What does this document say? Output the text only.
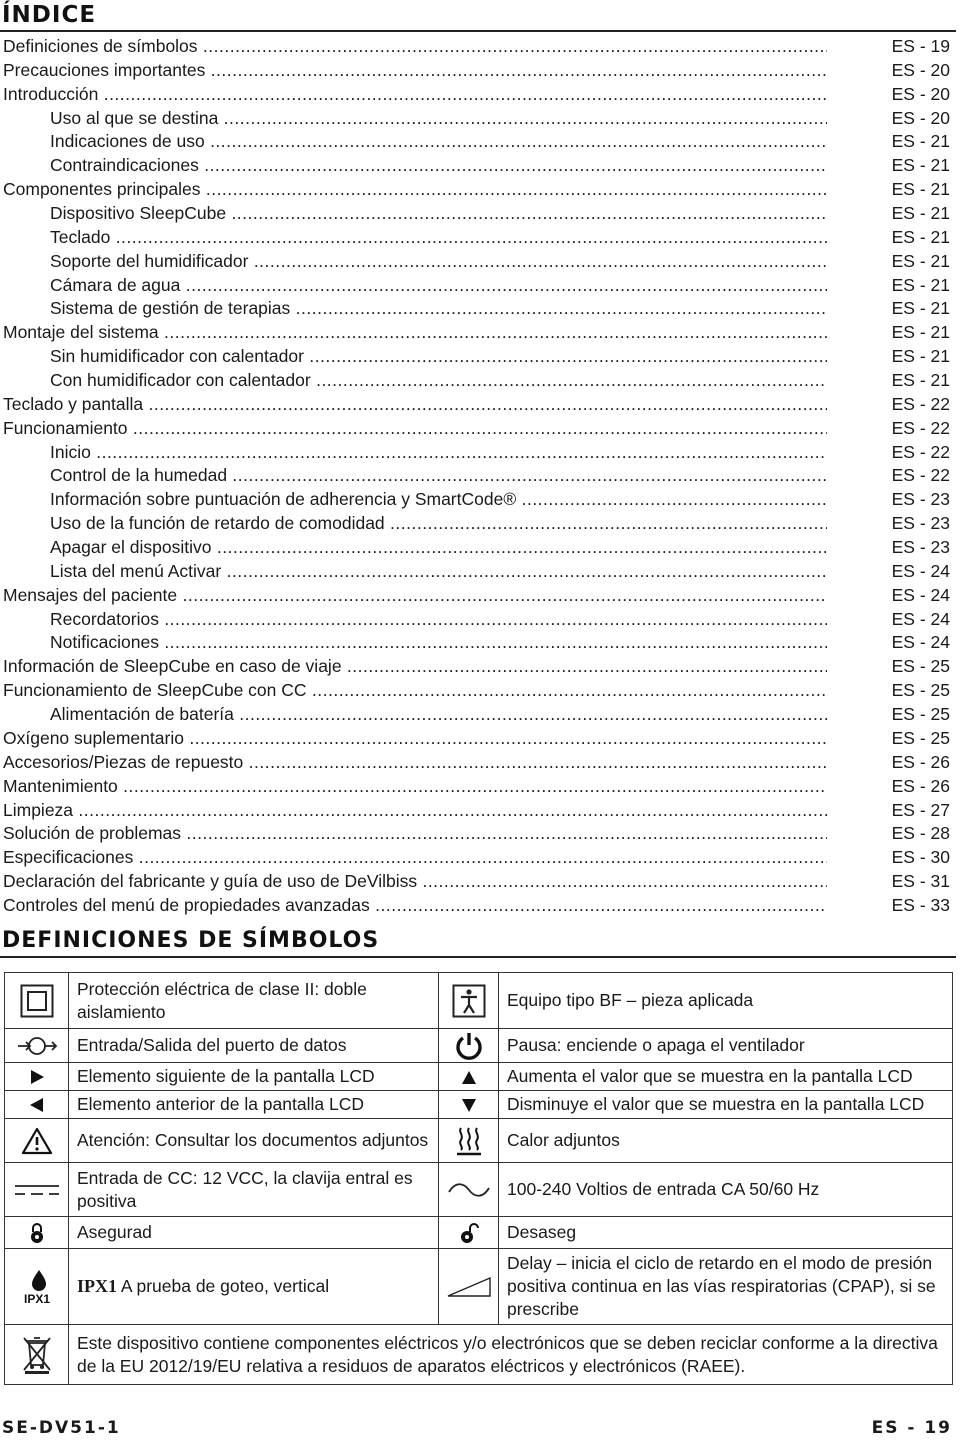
ÍNDICE
Definiciones de símbolos .....	ES - 19
Precauciones importantes .....	ES - 20
Introducción .....	ES - 20
Uso al que se destina .....	ES - 20
Indicaciones de uso .....	ES - 21
Contraindicaciones .....	ES - 21
Componentes principales .....	ES - 21
Dispositivo SleepCube .....	ES - 21
Teclado .....	ES - 21
Soporte del humidificador .....	ES - 21
Cámara de agua .....	ES - 21
Sistema de gestión de terapias .....	ES - 21
Montaje del sistema .....	ES - 21
Sin humidificador con calentador .....	ES - 21
Con humidificador con calentador .....	ES - 21
Teclado y pantalla .....	ES - 22
Funcionamiento .....	ES - 22
Inicio .....	ES - 22
Control de la humedad .....	ES - 22
Información sobre puntuación de adherencia y SmartCode® .....	ES - 23
Uso de la función de retardo de comodidad .....	ES - 23
Apagar el dispositivo .....	ES - 23
Lista del menú Activar .....	ES - 24
Mensajes del paciente .....	ES - 24
Recordatorios .....	ES - 24
Notificaciones .....	ES - 24
Información de SleepCube en caso de viaje .....	ES - 25
Funcionamiento de SleepCube con CC .....	ES - 25
Alimentación de batería .....	ES - 25
Oxígeno suplementario .....	ES - 25
Accesorios/Piezas de repuesto .....	ES - 26
Mantenimiento .....	ES - 26
Limpieza .....	ES - 27
Solución de problemas .....	ES - 28
Especificaciones .....	ES - 30
Declaración del fabricante y guía de uso de DeVilbiss .....	ES - 31
Controles del menú de propiedades avanzadas .....	ES - 33
DEFINICIONES DE SÍMBOLOS
	Protección eléctrica de clase II: doble aislamiento		Equipo tipo BF – pieza aplicada

	Entrada/Salida del puerto de datos		Pausa: enciende o apaga el ventilador

	Elemento siguiente de la pantalla LCD		Aumenta el valor que se muestra en la pantalla LCD

	Elemento anterior de la pantalla LCD		Disminuye el valor que se muestra en la pantalla LCD

	Atención: Consultar los documentos adjuntos		Calor adjuntos

	Entrada de CC: 12 VCC, la clavija entral es positiva		100-240 Voltios de entrada CA 50/60 Hz

	Asegurad		Desaseg

IPX1	IPX1 A prueba de goteo, vertical		Delay – inicia el ciclo de retardo en el modo de presión positiva continua en las vías respiratorias (CPAP), si se prescribe

	Este dispositivo contiene componentes eléctricos y/o electrónicos que se deben reciclar conforme a la directiva de la EU 2012/19/EU relativa a residuos de aparatos eléctricos y electrónicos (RAEE).		
SE-DV51-1	ES - 19
